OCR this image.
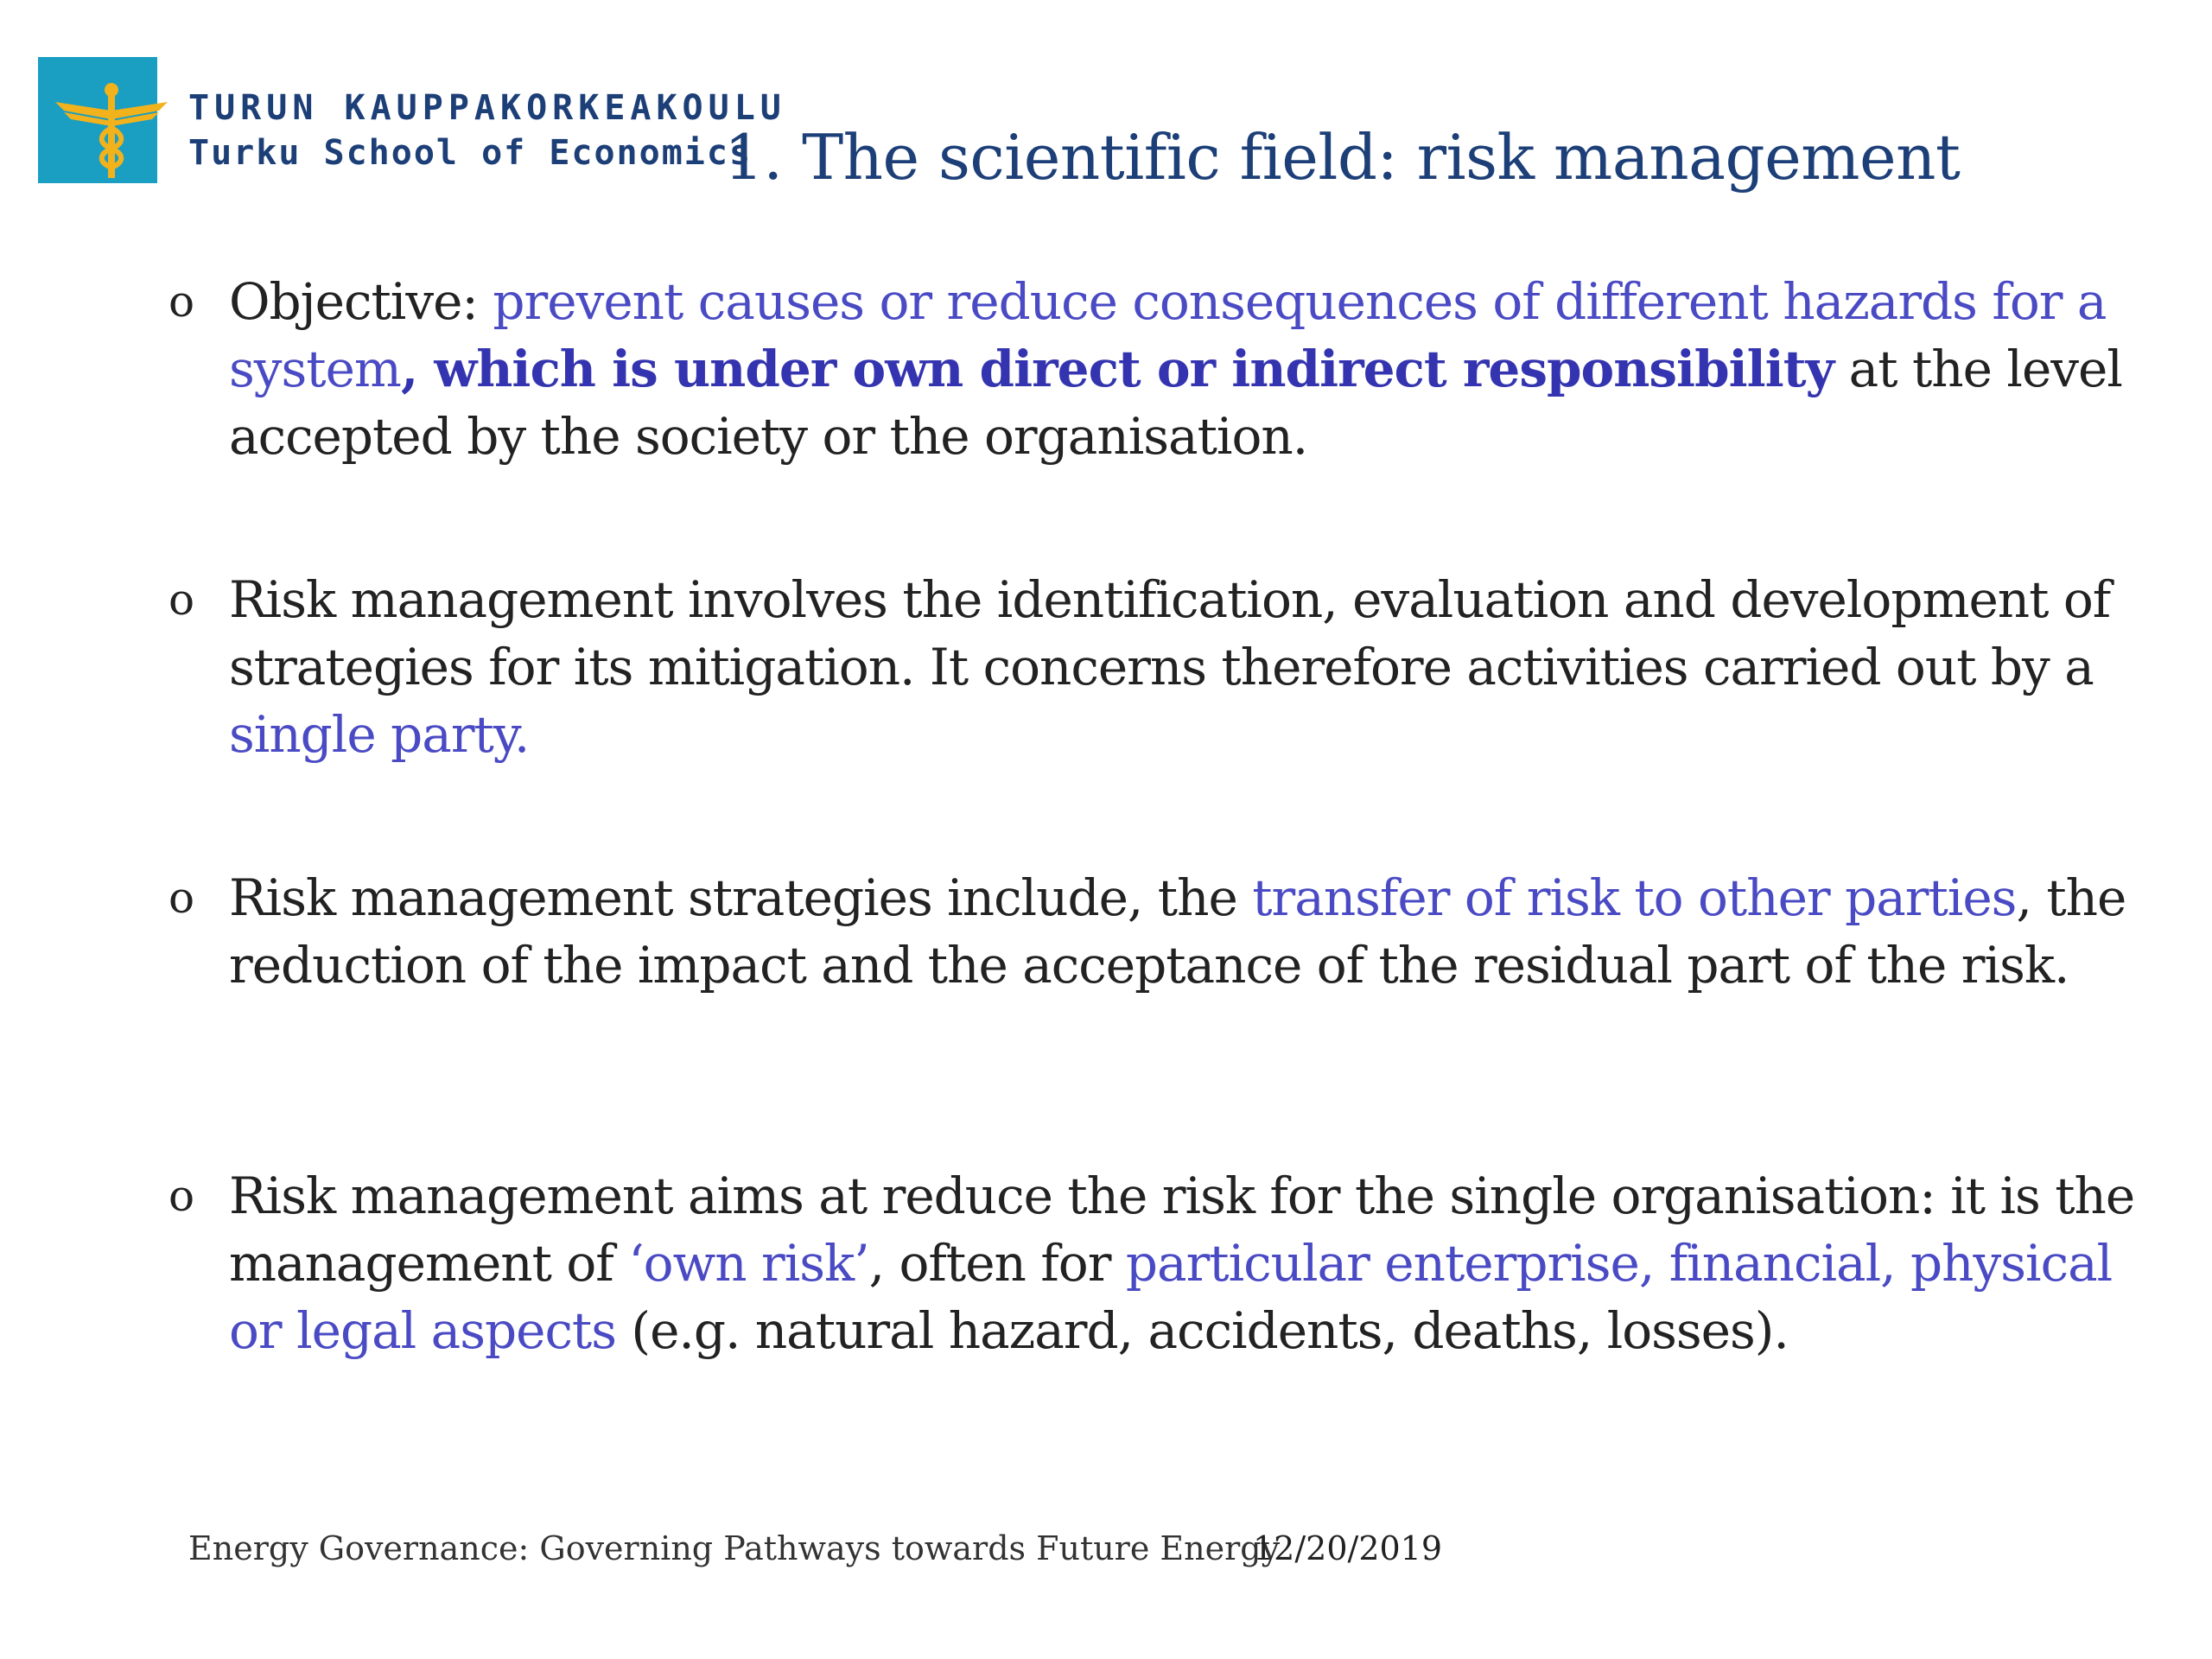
TURUN KAUPPAKORKEAKOULU
Turku School of Economics
1. The scientific field: risk management
o Objective: prevent causes or reduce consequences of different hazards for a system, which is under own direct or indirect responsibility at the level accepted by the society or the organisation.
o Risk management involves the identification, evaluation and development of strategies for its mitigation. It concerns therefore activities carried out by a single party.
o Risk management strategies include, the transfer of risk to other parties, the reduction of the impact and the acceptance of the residual part of the risk.
o Risk management aims at reduce the risk for the single organisation: it is the management of ‘own risk’, often for particular enterprise, financial, physical or legal aspects (e.g. natural hazard, accidents, deaths, losses).
Energy Governance: Governing Pathways towards Future Energy
12/20/2019
